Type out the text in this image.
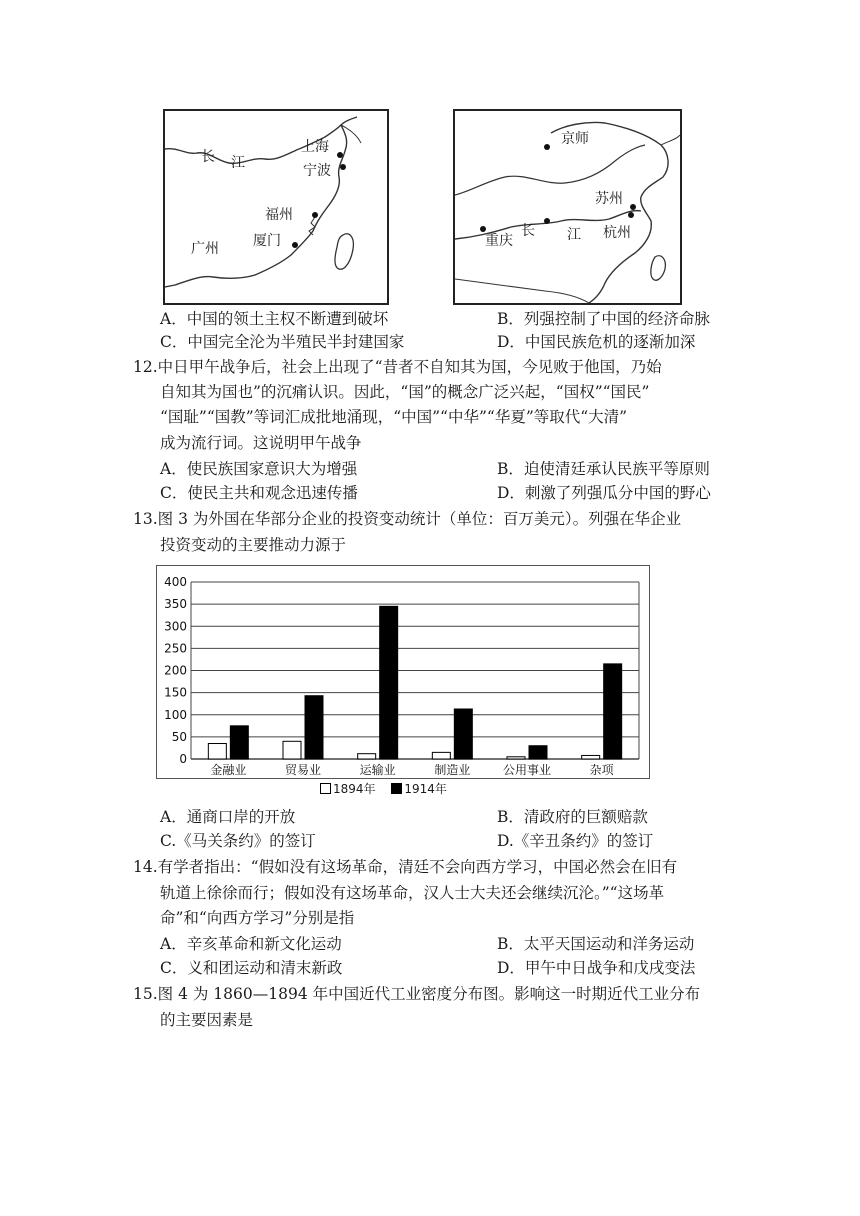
长 江
上海
宁波
福州
厦门
广州
京师
苏州
杭州
重庆
长 江
A．中国的领土主权不断遭到破坏	B．列强控制了中国的经济命脉
C．中国完全沦为半殖民半封建国家	D．中国民族危机的逐渐加深
12.中日甲午战争后，社会上出现了“昔者不自知其为国，今见败于他国，乃始
自知其为国也”的沉痛认识。因此，“国”的概念广泛兴起，“国权”“国民”
“国耻”“国教”等词汇成批地涌现，“中国”“中华”“华夏”等取代“大清”
成为流行词。这说明甲午战争
A．使民族国家意识大为增强	B．迫使清廷承认民族平等原则
C．使民主共和观念迅速传播	D．刺激了列强瓜分中国的野心
13.图 3 为外国在华部分企业的投资变动统计（单位：百万美元）。列强在华企业
投资变动的主要推动力源于
0
50
100
150
200
250
300
350
400
金融业	贸易业	运输业	制造业	公用事业	杂项
1894年 1914年
A．通商口岸的开放	B．清政府的巨额赔款
C.《马关条约》的签订	D.《辛丑条约》的签订
14.有学者指出：“假如没有这场革命，清廷不会向西方学习，中国必然会在旧有
轨道上徐徐而行；假如没有这场革命，汉人士大夫还会继续沉沦。”“这场革
命”和“向西方学习”分别是指
A．辛亥革命和新文化运动	B．太平天国运动和洋务运动
C．义和团运动和清末新政	D．甲午中日战争和戊戌变法
15.图 4 为 1860—1894 年中国近代工业密度分布图。影响这一时期近代工业分布
的主要因素是
